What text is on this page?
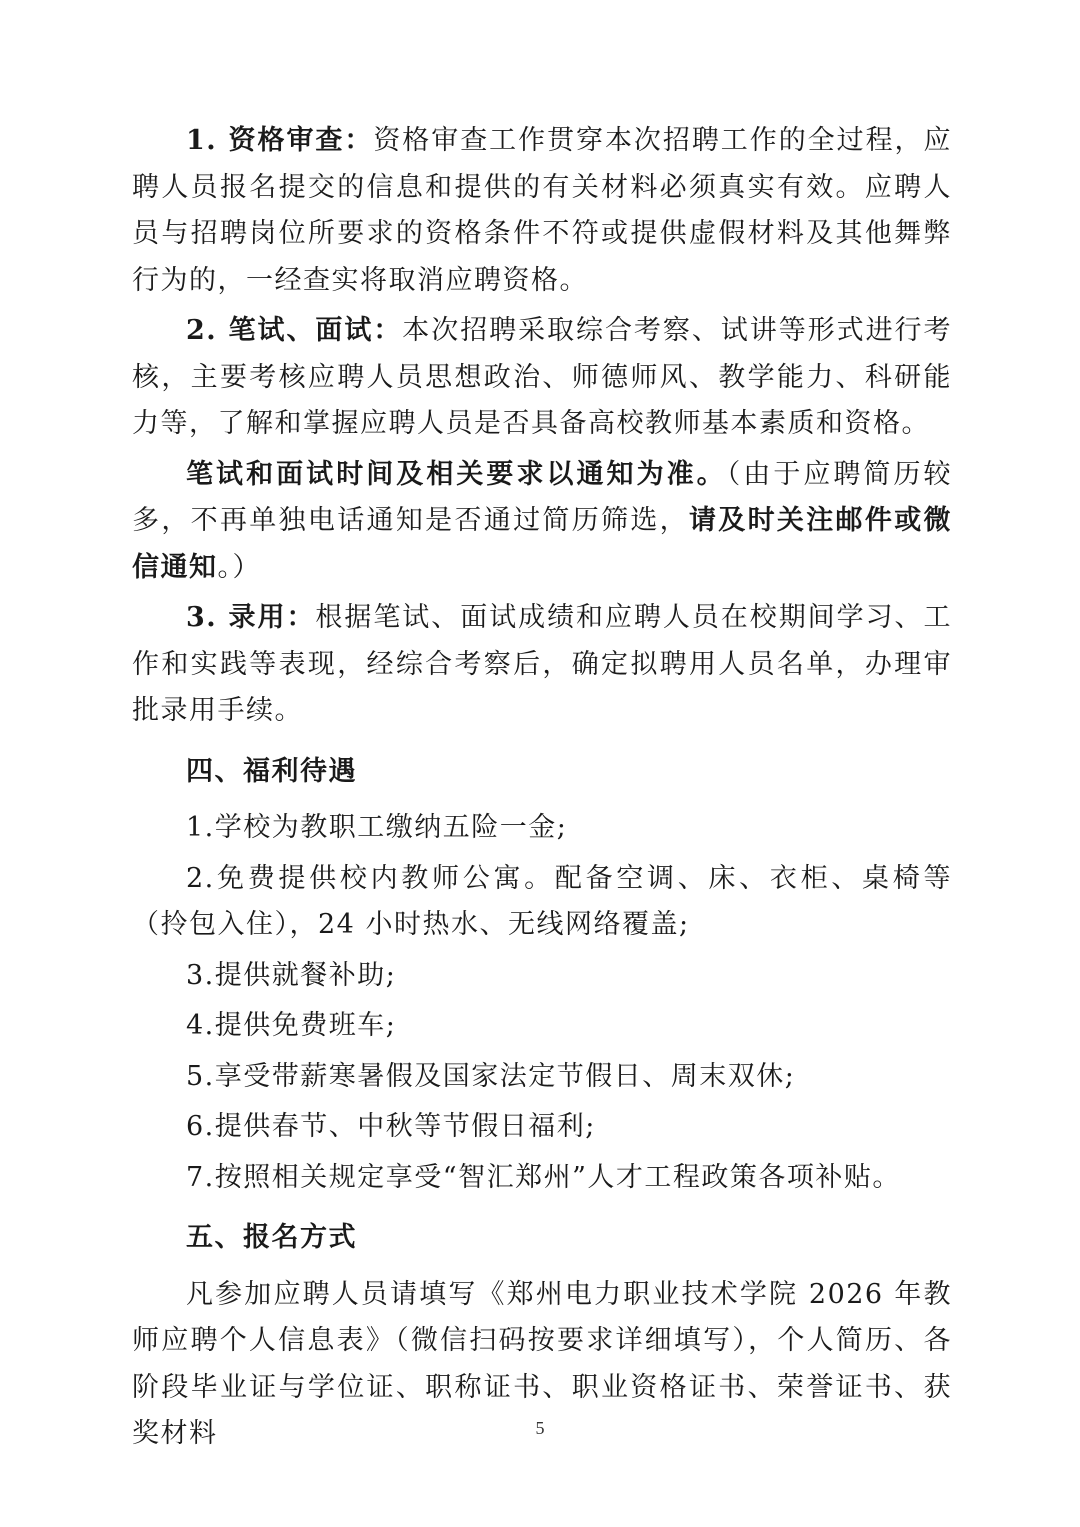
1. 资格审查：资格审查工作贯穿本次招聘工作的全过程，应聘人员报名提交的信息和提供的有关材料必须真实有效。应聘人员与招聘岗位所要求的资格条件不符或提供虚假材料及其他舞弊行为的，一经查实将取消应聘资格。

2. 笔试、面试：本次招聘采取综合考察、试讲等形式进行考核，主要考核应聘人员思想政治、师德师风、教学能力、科研能力等，了解和掌握应聘人员是否具备高校教师基本素质和资格。

笔试和面试时间及相关要求以通知为准。（由于应聘简历较多，不再单独电话通知是否通过简历筛选，请及时关注邮件或微信通知。）

3. 录用：根据笔试、面试成绩和应聘人员在校期间学习、工作和实践等表现，经综合考察后，确定拟聘用人员名单，办理审批录用手续。

四、福利待遇

1.学校为教职工缴纳五险一金;

2.免费提供校内教师公寓。配备空调、床、衣柜、桌椅等（拎包入住），24 小时热水、无线网络覆盖;

3.提供就餐补助;

4.提供免费班车;

5.享受带薪寒暑假及国家法定节假日、周末双休;

6.提供春节、中秋等节假日福利;

7.按照相关规定享受“智汇郑州”人才工程政策各项补贴。

五、报名方式

凡参加应聘人员请填写《郑州电力职业技术学院 2026 年教师应聘个人信息表》（微信扫码按要求详细填写），个人简历、各阶段毕业证与学位证、职称证书、职业资格证书、荣誉证书、获奖材料	5
